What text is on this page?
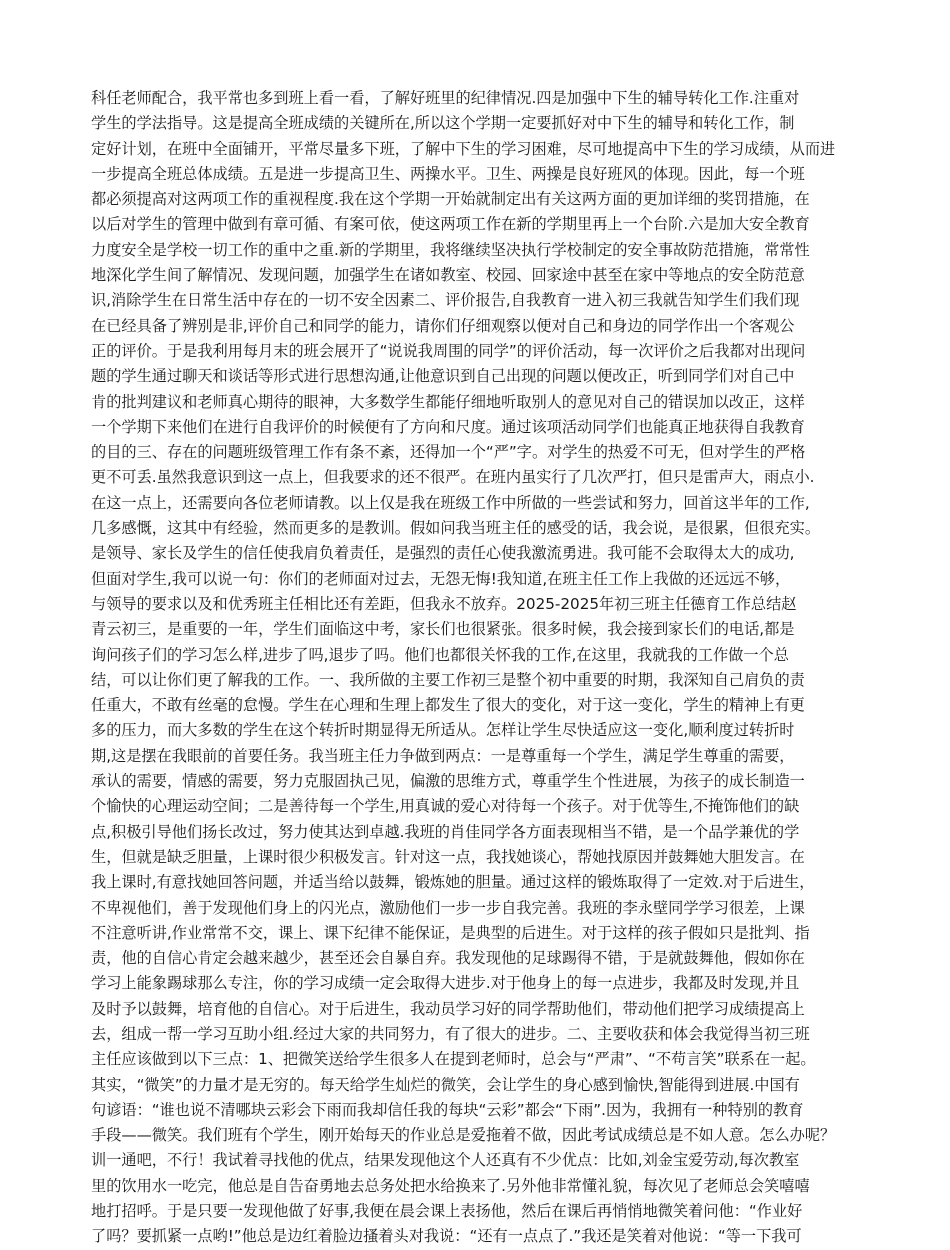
科任老师配合，我平常也多到班上看一看，了解好班里的纪律情况.四是加强中下生的辅导转化工作.注重对
学生的学法指导。这是提高全班成绩的关键所在,所以这个学期一定要抓好对中下生的辅导和转化工作，制
定好计划，在班中全面铺开，平常尽量多下班，了解中下生的学习困难，尽可地提高中下生的学习成绩，从而进
一步提高全班总体成绩。五是进一步提高卫生、两操水平。卫生、两操是良好班风的体现。因此，每一个班
都必须提高对这两项工作的重视程度.我在这个学期一开始就制定出有关这两方面的更加详细的奖罚措施，在
以后对学生的管理中做到有章可循、有案可依，使这两项工作在新的学期里再上一个台阶.六是加大安全教育
力度安全是学校一切工作的重中之重.新的学期里，我将继续坚决执行学校制定的安全事故防范措施，常常性
地深化学生间了解情况、发现问题，加强学生在诸如教室、校园、回家途中甚至在家中等地点的安全防范意
识,消除学生在日常生活中存在的一切不安全因素二、评价报告,自我教育一进入初三我就告知学生们我们现
在已经具备了辨别是非,评价自己和同学的能力，请你们仔细观察以便对自己和身边的同学作出一个客观公
正的评价。于是我利用每月末的班会展开了“说说我周围的同学”的评价活动，每一次评价之后我都对出现问
题的学生通过聊天和谈话等形式进行思想沟通,让他意识到自己出现的问题以便改正，听到同学们对自己中
肯的批判建议和老师真心期待的眼神，大多数学生都能仔细地听取别人的意见对自己的错误加以改正，这样
一个学期下来他们在进行自我评价的时候便有了方向和尺度。通过该项活动同学们也能真正地获得自我教育
的目的三、存在的问题班级管理工作有条不紊，还得加一个“严”字。对学生的热爱不可无，但对学生的严格
更不可丢.虽然我意识到这一点上，但我要求的还不很严。在班内虽实行了几次严打，但只是雷声大，雨点小.
在这一点上，还需要向各位老师请教。以上仅是我在班级工作中所做的一些尝试和努力，回首这半年的工作,
几多感慨，这其中有经验，然而更多的是教训。假如问我当班主任的感受的话，我会说，是很累，但很充实。
是领导、家长及学生的信任使我肩负着责任，是强烈的责任心使我激流勇进。我可能不会取得太大的成功,
但面对学生,我可以说一句：你们的老师面对过去，无怨无悔!我知道,在班主任工作上我做的还远远不够，
与领导的要求以及和优秀班主任相比还有差距，但我永不放弃。2025-2025年初三班主任德育工作总结赵
青云初三，是重要的一年，学生们面临这中考，家长们也很紧张。很多时候，我会接到家长们的电话,都是
询问孩子们的学习怎么样,进步了吗,退步了吗。他们也都很关怀我的工作,在这里，我就我的工作做一个总
结，可以让你们更了解我的工作。一、我所做的主要工作初三是整个初中重要的时期，我深知自己肩负的责
任重大，不敢有丝毫的怠慢。学生在心理和生理上都发生了很大的变化，对于这一变化，学生的精神上有更
多的压力，而大多数的学生在这个转折时期显得无所适从。怎样让学生尽快适应这一变化,顺利度过转折时
期,这是摆在我眼前的首要任务。我当班主任力争做到两点：一是尊重每一个学生，满足学生尊重的需要，
承认的需要，情感的需要，努力克服固执己见，偏激的思维方式，尊重学生个性进展，为孩子的成长制造一
个愉快的心理运动空间；二是善待每一个学生,用真诚的爱心对待每一个孩子。对于优等生,不掩饰他们的缺
点,积极引导他们扬长改过，努力使其达到卓越.我班的肖佳同学各方面表现相当不错，是一个品学兼优的学
生，但就是缺乏胆量，上课时很少积极发言。针对这一点，我找她谈心，帮她找原因并鼓舞她大胆发言。在
我上课时,有意找她回答问题，并适当给以鼓舞，锻炼她的胆量。通过这样的锻炼取得了一定效.对于后进生，
不卑视他们，善于发现他们身上的闪光点，激励他们一步一步自我完善。我班的李永壁同学学习很差，上课
不注意听讲,作业常常不交，课上、课下纪律不能保证，是典型的后进生。对于这样的孩子假如只是批判、指
责，他的自信心肯定会越来越少，甚至还会自暴自弃。我发现他的足球踢得不错，于是就鼓舞他，假如你在
学习上能象踢球那么专注，你的学习成绩一定会取得大进步.对于他身上的每一点进步，我都及时发现,并且
及时予以鼓舞，培育他的自信心。对于后进生，我动员学习好的同学帮助他们，带动他们把学习成绩提高上
去，组成一帮一学习互助小组.经过大家的共同努力，有了很大的进步。二、主要收获和体会我觉得当初三班
主任应该做到以下三点：1、把微笑送给学生很多人在提到老师时，总会与“严肃”、“不苟言笑”联系在一起。
其实，“微笑”的力量才是无穷的。每天给学生灿烂的微笑，会让学生的身心感到愉快,智能得到进展.中国有
句谚语：“谁也说不清哪块云彩会下雨而我却信任我的每块“云彩”都会“下雨”.因为，我拥有一种特别的教育
手段——微笑。我们班有个学生，刚开始每天的作业总是爱拖着不做，因此考试成绩总是不如人意。怎么办呢？
训一通吧，不行！我试着寻找他的优点，结果发现他这个人还真有不少优点：比如,刘金宝爱劳动,每次教室
里的饮用水一吃完，他总是自告奋勇地去总务处把水给换来了.另外他非常懂礼貌，每次见了老师总会笑嘻嘻
地打招呼。于是只要一发现他做了好事,我便在晨会课上表扬他，然后在课后再悄悄地微笑着问他：“作业好
了吗？要抓紧一点哟!”他总是边红着脸边搔着头对我说：“还有一点点了.”我还是笑着对他说：“等一下我可
